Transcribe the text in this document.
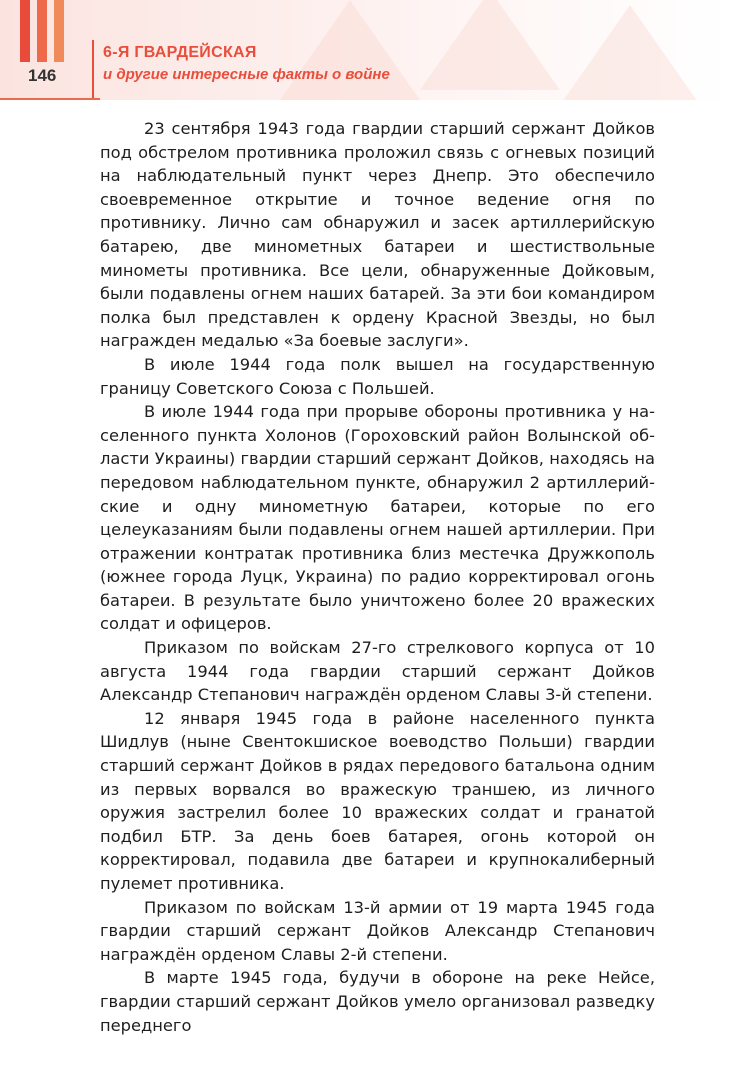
146
6-Я ГВАРДЕЙСКАЯ
и другие интересные факты о войне

23 сентября 1943 года гвардии старший сержант Дойков под обстрелом противника проложил связь с огневых позиций на наблюдательный пункт через Днепр. Это обеспечило своевременное открытие и точное ведение огня по противнику. Лично сам обнаружил и засек артиллерийскую батарею, две минометных батареи и шестиствольные минометы противника. Все цели, обнаруженные Дойковым, были подавлены огнем наших батарей. За эти бои командиром полка был представлен к ордену Красной Звезды, но был награжден медалью «За боевые заслуги».

В июле 1944 года полк вышел на государственную границу Советского Союза с Польшей.

В июле 1944 года при прорыве обороны противника у населенного пункта Холонов (Гороховский район Волынской области Украины) гвардии старший сержант Дойков, находясь на передовом наблюдательном пункте, обнаружил 2 артиллерийские и одну минометную батареи, которые по его целеуказаниям были подавлены огнем нашей артиллерии. При отражении контратак противника близ местечка Дружкополь (южнее города Луцк, Украина) по радио корректировал огонь батареи. В результате было уничтожено более 20 вражеских солдат и офицеров.

Приказом по войскам 27-го стрелкового корпуса от 10 августа 1944 года гвардии старший сержант Дойков Александр Степанович награждён орденом Славы 3-й степени.

12 января 1945 года в районе населенного пункта Шидлув (ныне Свентокшиское воеводство Польши) гвардии старший сержант Дойков в рядах передового батальона одним из первых ворвался во вражескую траншею, из личного оружия застрелил более 10 вражеских солдат и гранатой подбил БТР. За день боев батарея, огонь которой он корректировал, подавила две батареи и крупнокалиберный пулемет противника.

Приказом по войскам 13-й армии от 19 марта 1945 года гвардии старший сержант Дойков Александр Степанович награждён орденом Славы 2-й степени.

В марте 1945 года, будучи в обороне на реке Нейсе, гвардии старший сержант Дойков умело организовал разведку переднего
